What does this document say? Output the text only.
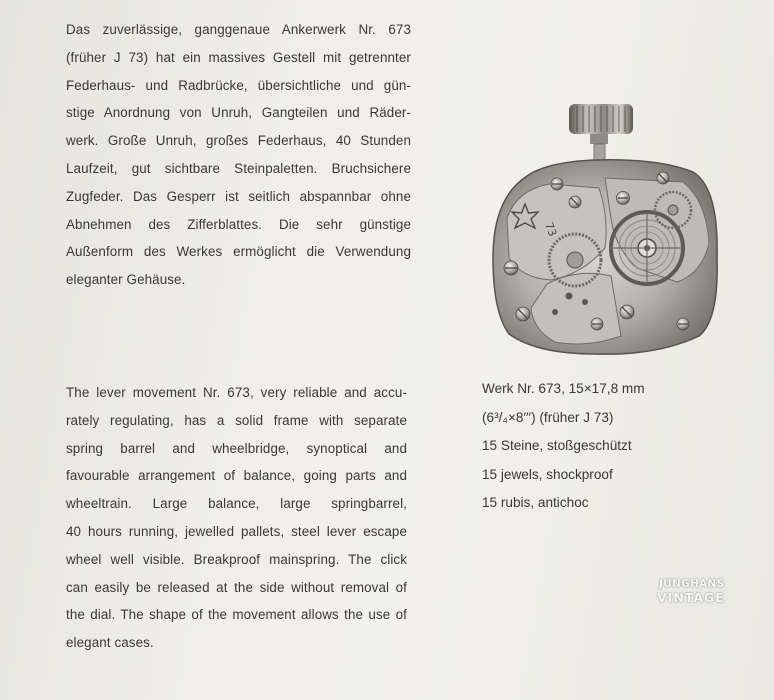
Das zuverlässige, ganggenaue Ankerwerk Nr. 673
(früher J 73) hat ein massives Gestell mit getrennter
Federhaus- und Radbrücke, übersichtliche und gün-
stige Anordnung von Unruh, Gangteilen und Räder-
werk. Große Unruh, großes Federhaus, 40 Stunden
Laufzeit, gut sichtbare Steinpaletten. Bruchsichere
Zugfeder. Das Gesperr ist seitlich abspannbar ohne
Abnehmen des Zifferblattes. Die sehr günstige
Außenform des Werkes ermöglicht die Verwendung
eleganter Gehäuse.
73
The lever movement Nr. 673, very reliable and accu-
rately regulating, has a solid frame with separate
spring barrel and wheelbridge, synoptical and
favourable arrangement of balance, going parts and
wheeltrain. Large balance, large springbarrel,
40 hours running, jewelled pallets, steel lever escape
wheel well visible. Breakproof mainspring. The click
can easily be released at the side without removal of
the dial. The shape of the movement allows the use of
elegant cases.
Werk Nr. 673, 15×17,8 mm
(6³/₄×8′′′) (früher J 73)
15 Steine, stoßgeschützt
15 jewels, shockproof
15 rubis, antichoc
JUNGHANS
VINTAGE
